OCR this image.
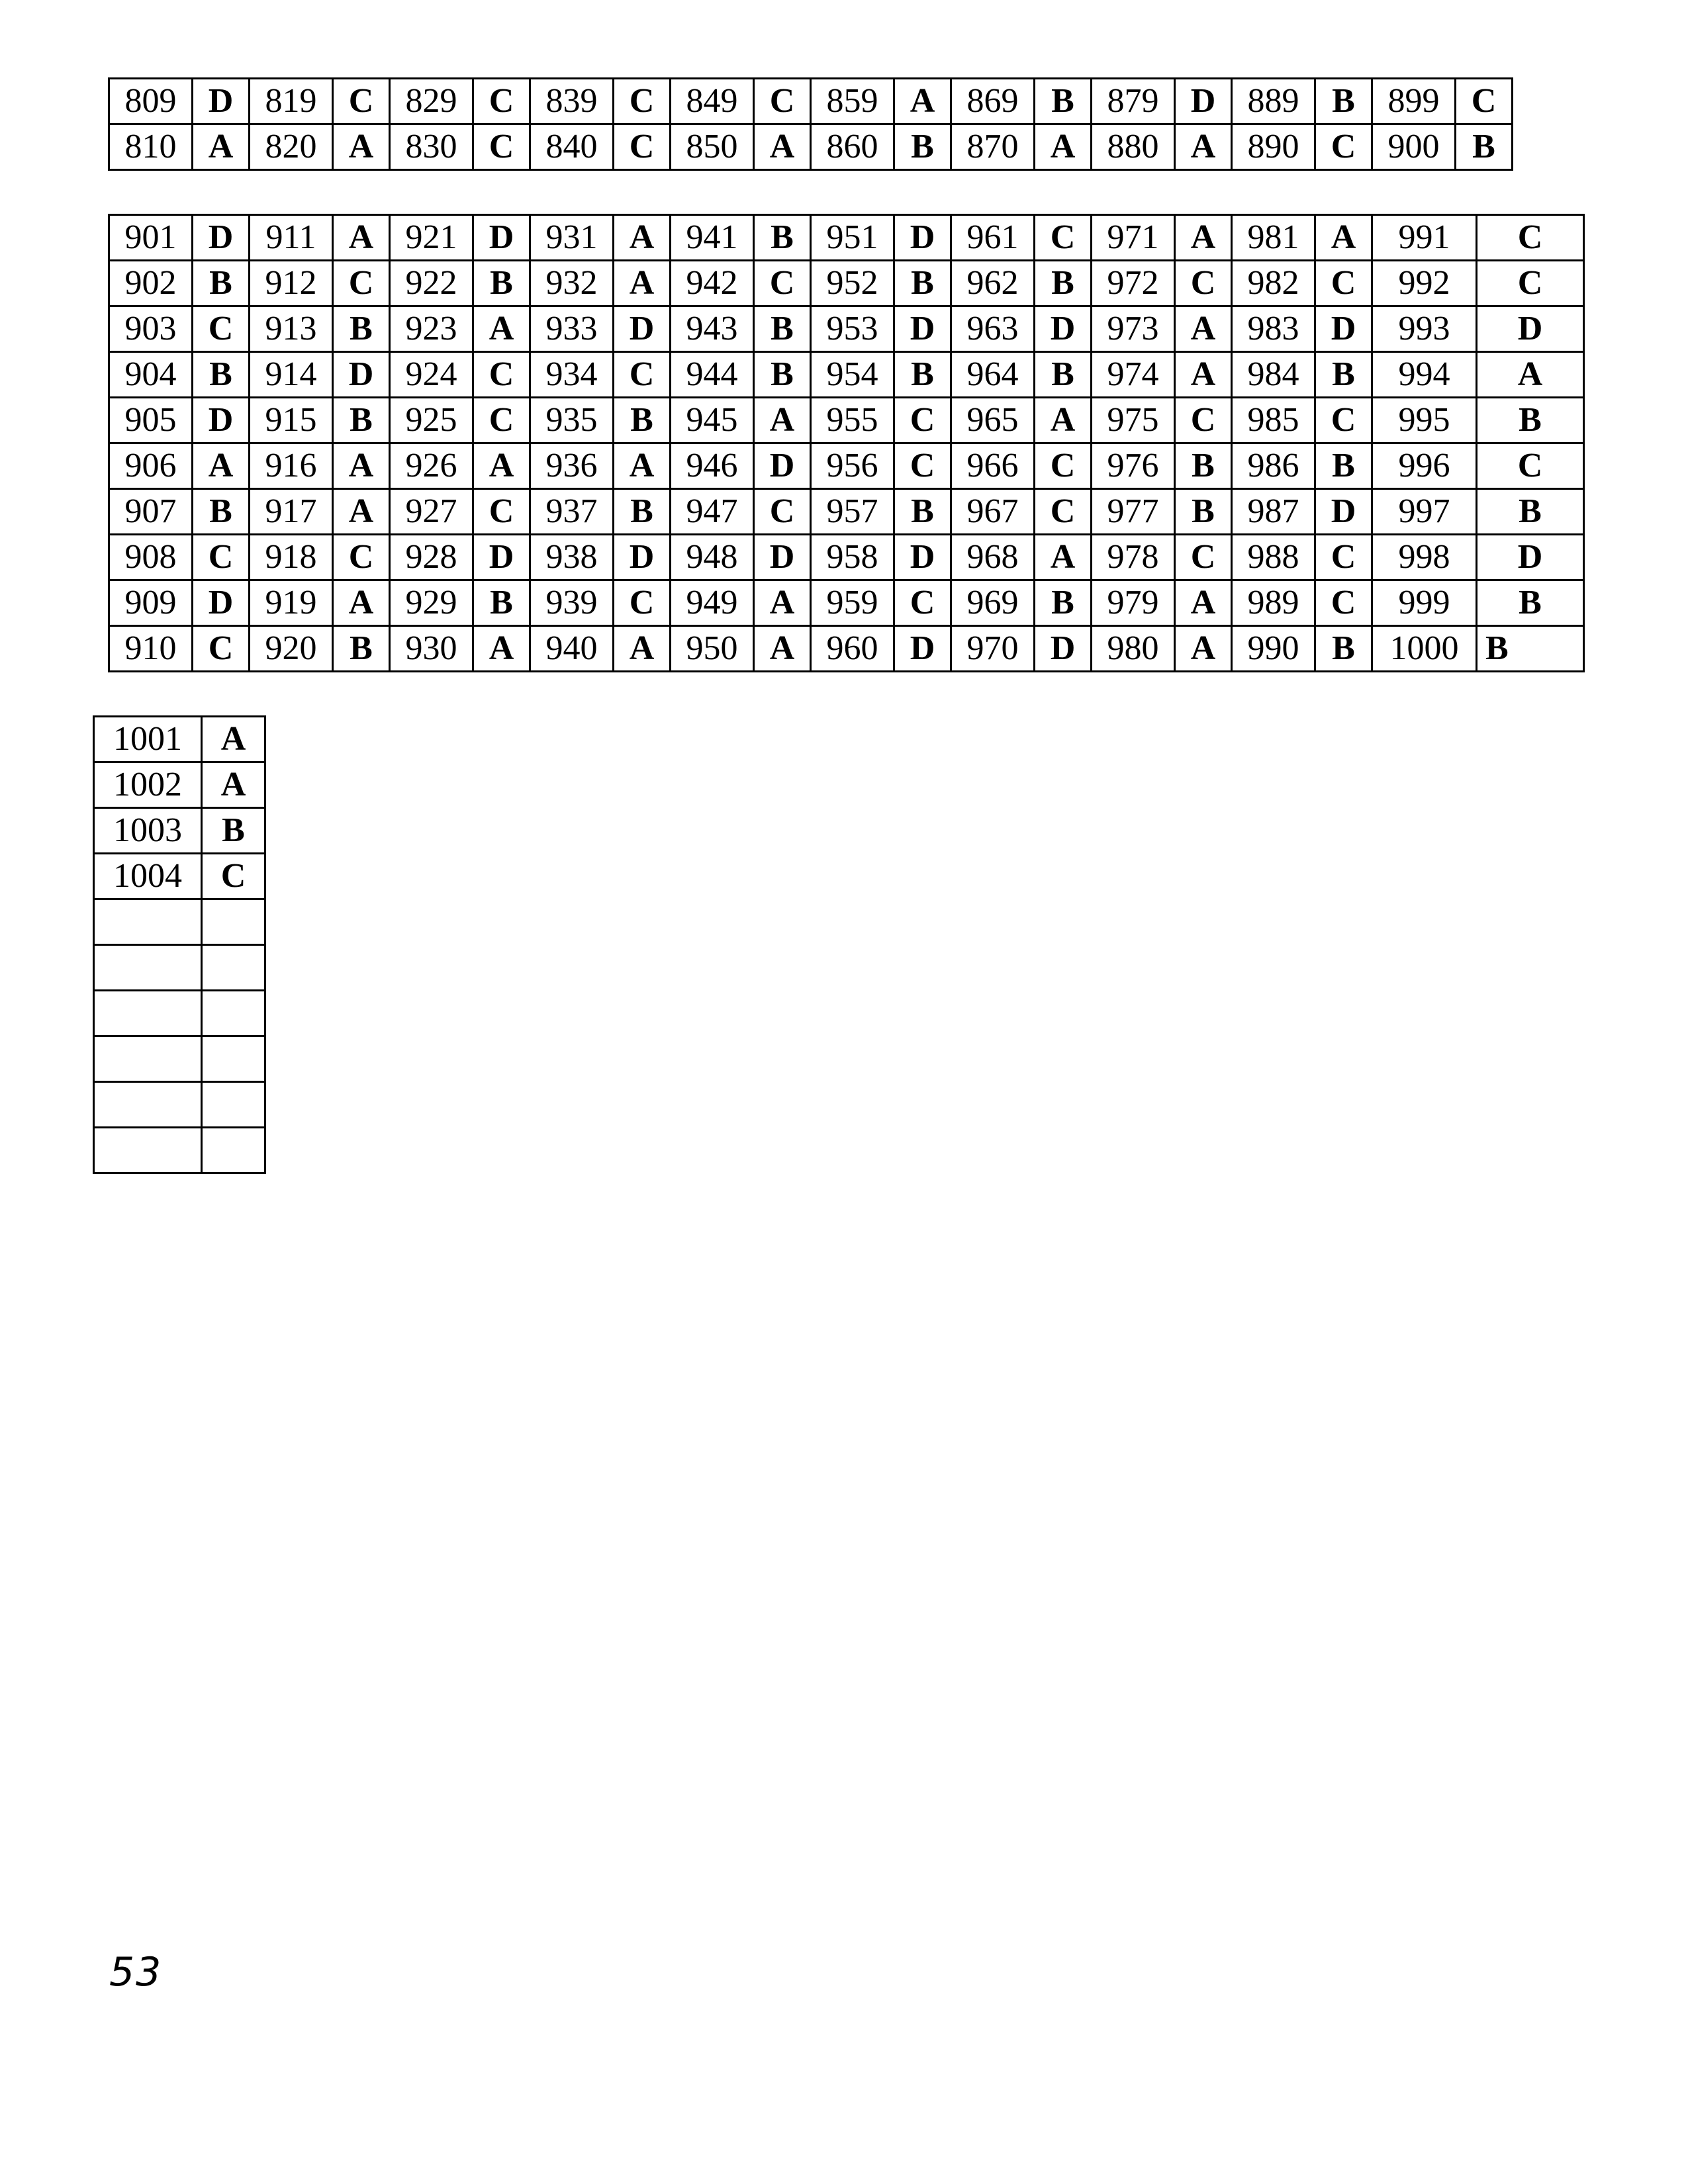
809	D	819	C	829	C	839	C	849	C	859	A	869	B	879	D	889	B	899	C
810	A	820	A	830	C	840	C	850	A	860	B	870	A	880	A	890	C	900	B
901	D	911	A	921	D	931	A	941	B	951	D	961	C	971	A	981	A	991	C
902	B	912	C	922	B	932	A	942	C	952	B	962	B	972	C	982	C	992	C
903	C	913	B	923	A	933	D	943	B	953	D	963	D	973	A	983	D	993	D
904	B	914	D	924	C	934	C	944	B	954	B	964	B	974	A	984	B	994	A
905	D	915	B	925	C	935	B	945	A	955	C	965	A	975	C	985	C	995	B
906	A	916	A	926	A	936	A	946	D	956	C	966	C	976	B	986	B	996	C
907	B	917	A	927	C	937	B	947	C	957	B	967	C	977	B	987	D	997	B
908	C	918	C	928	D	938	D	948	D	958	D	968	A	978	C	988	C	998	D
909	D	919	A	929	B	939	C	949	A	959	C	969	B	979	A	989	C	999	B
910	C	920	B	930	A	940	A	950	A	960	D	970	D	980	A	990	B	1000	B
1001	A
1002	A
1003	B
1004	C

53
